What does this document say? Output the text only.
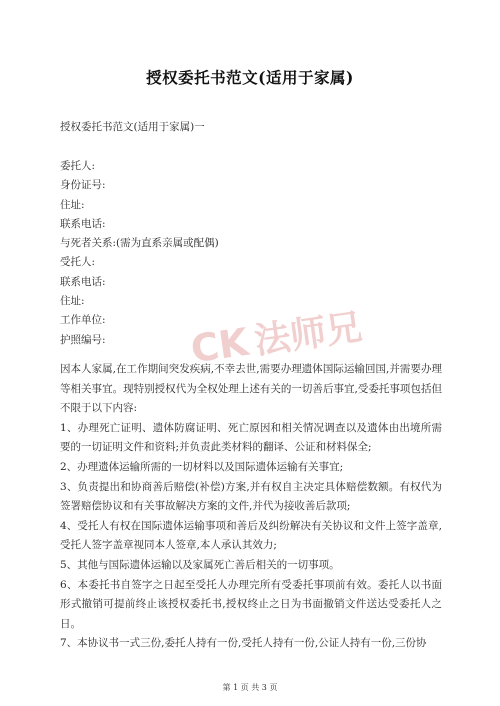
授权委托书范文(适用于家属)
授权委托书范文(适用于家属)一
委托人:
身份证号:
住址:
联系电话:
与死者关系:(需为直系亲属或配偶)
受托人:
联系电话:
住址:
工作单位:
护照编号:

因本人家属,在工作期间突发疾病,不幸去世,需要办理遗体国际运输回国,并需要办理等相关事宜。现特别授权代为全权处理上述有关的一切善后事宜,受委托事项包括但不限于以下内容:

1、办理死亡证明、遗体防腐证明、死亡原因和相关情况调查以及遗体由出境所需要的一切证明文件和资料;并负责此类材料的翻译、公证和材料保全;

2、办理遗体运输所需的一切材料以及国际遗体运输有关事宜;

3、负责提出和协商善后赔偿(补偿)方案,并有权自主决定具体赔偿数额。有权代为签署赔偿协议和有关事故解决方案的文件,并代为接收善后款项;

4、受托人有权在国际遗体运输事项和善后及纠纷解决有关协议和文件上签字盖章,受托人签字盖章视同本人签章,本人承认其效力;

5、其他与国际遗体运输以及家属死亡善后相关的一切事项。

6、本委托书自签字之日起至受托人办理完所有受委托事项前有效。委托人以书面形式撤销可提前终止该授权委托书,授权终止之日为书面撤销文件送达受委托人之日。

7、本协议书一式三份,委托人持有一份,受托人持有一份,公证人持有一份,三份协

CK 法师兄
第 1 页 共 3 页
